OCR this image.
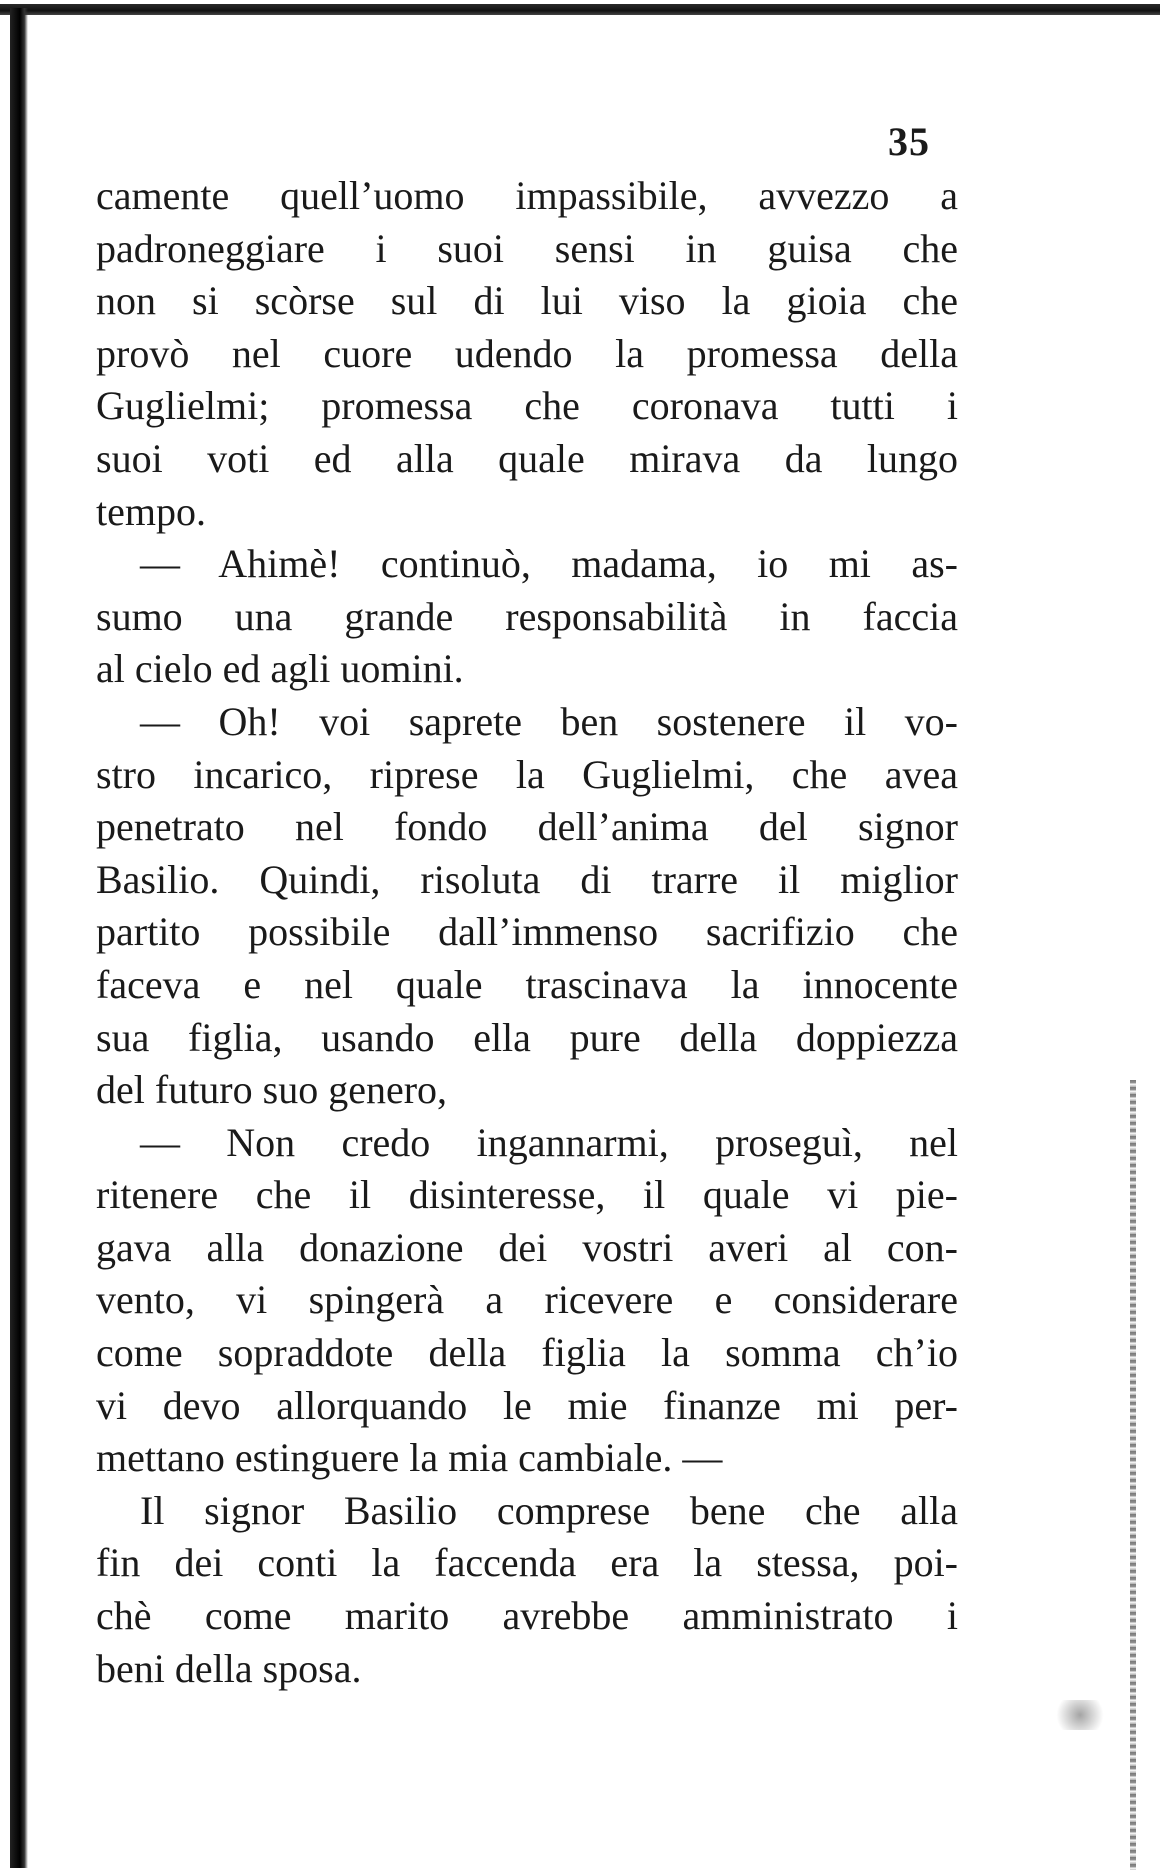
35
camente quell’uomo impassibile, avvezzo a
padroneggiare i suoi sensi in guisa che
non si scòrse sul di lui viso la gioia che
provò nel cuore udendo la promessa della
Guglielmi; promessa che coronava tutti i
suoi voti ed alla quale mirava da lungo
tempo.
— Ahimè! continuò, madama, io mi as-
sumo una grande responsabilità in faccia
al cielo ed agli uomini.
— Oh! voi saprete ben sostenere il vo-
stro incarico, riprese la Guglielmi, che avea
penetrato nel fondo dell’anima del signor
Basilio. Quindi, risoluta di trarre il miglior
partito possibile dall’immenso sacrifizio che
faceva e nel quale trascinava la innocente
sua figlia, usando ella pure della doppiezza
del futuro suo genero,
— Non credo ingannarmi, proseguì, nel
ritenere che il disinteresse, il quale vi pie-
gava alla donazione dei vostri averi al con-
vento, vi spingerà a ricevere e considerare
come sopraddote della figlia la somma ch’io
vi devo allorquando le mie finanze mi per-
mettano estinguere la mia cambiale. —
Il signor Basilio comprese bene che alla
fin dei conti la faccenda era la stessa, poi-
chè come marito avrebbe amministrato i
beni della sposa.
